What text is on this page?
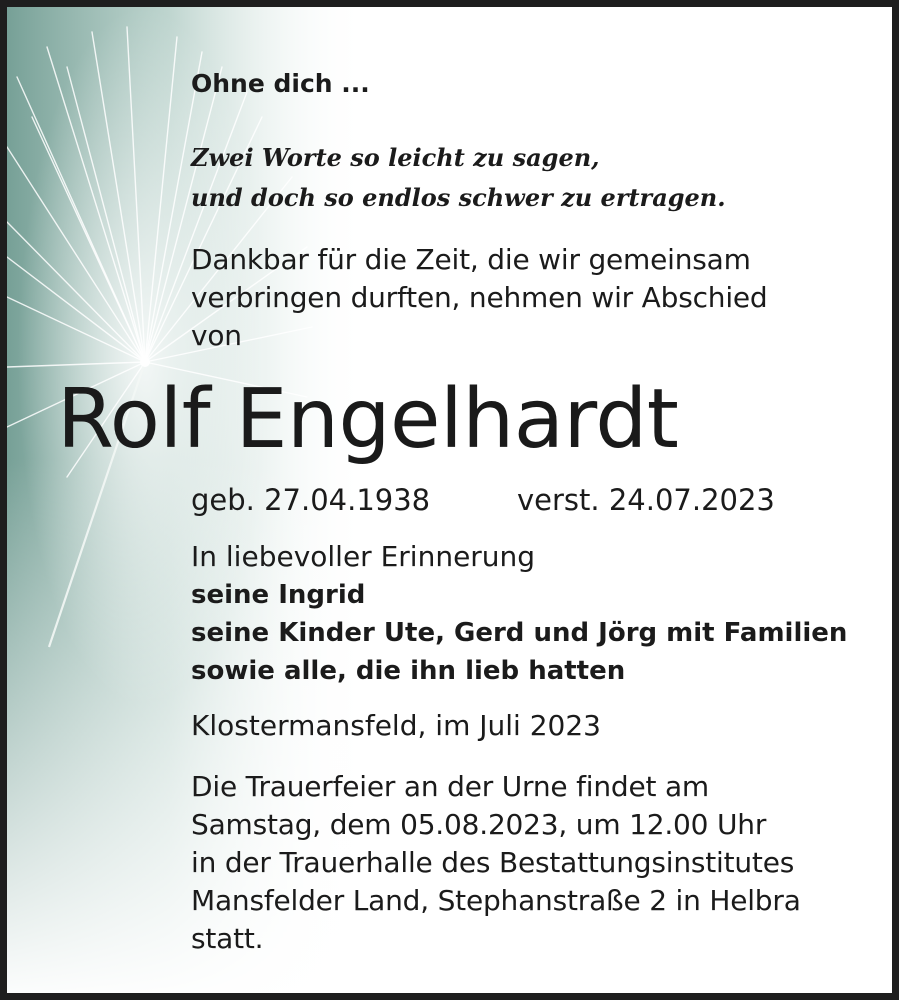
Ohne dich ...

Zwei Worte so leicht zu sagen,

und doch so endlos schwer zu ertragen.

Dankbar für die Zeit, die wir gemeinsam

verbringen durften, nehmen wir Abschied

von

Rolf Engelhardt

geb. 27.04.1938	verst. 24.07.2023

In liebevoller Erinnerung

seine Ingrid

seine Kinder Ute, Gerd und Jörg mit Familien

sowie alle, die ihn lieb hatten

Klostermansfeld, im Juli 2023

Die Trauerfeier an der Urne findet am

Samstag, dem 05.08.2023, um 12.00 Uhr

in der Trauerhalle des Bestattungsinstitutes

Mansfelder Land, Stephanstraße 2 in Helbra

statt.
